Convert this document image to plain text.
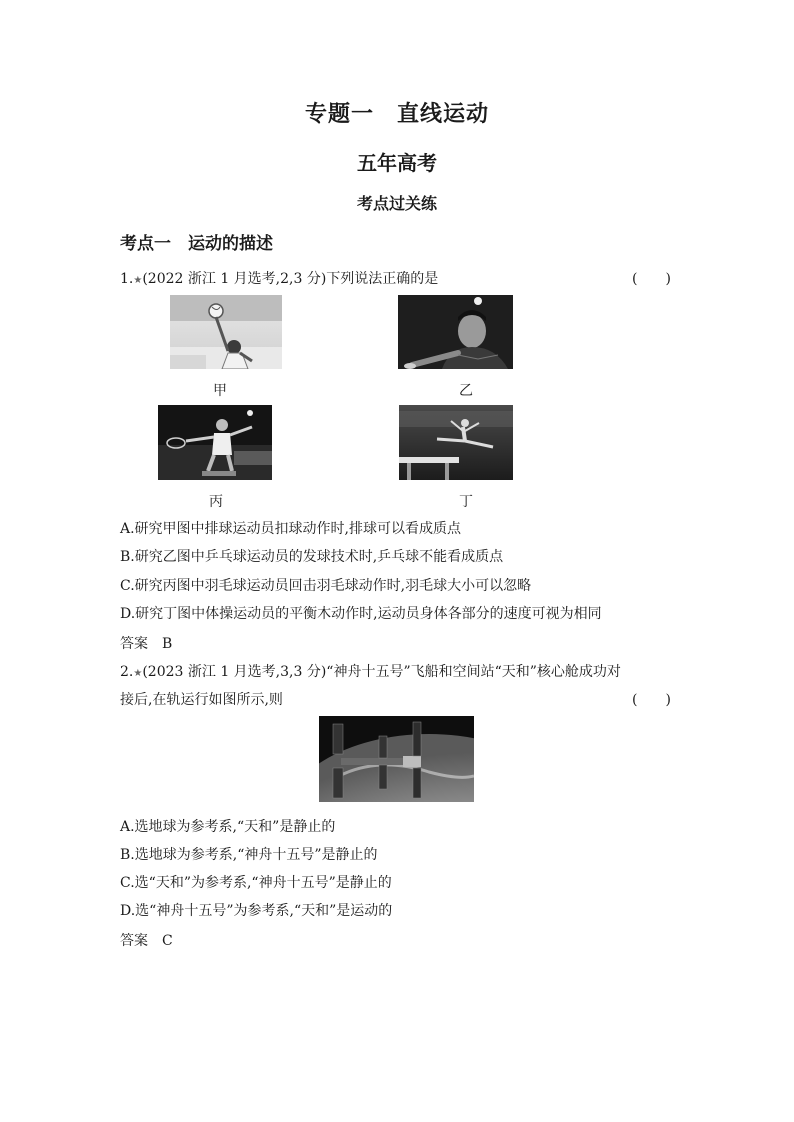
专题一　直线运动
五年高考
考点过关练
考点一　运动的描述
1.★(2022 浙江 1 月选考,2,3 分)下列说法正确的是	(　　)
甲	乙
丙	丁
A.研究甲图中排球运动员扣球动作时,排球可以看成质点
B.研究乙图中乒乓球运动员的发球技术时,乒乓球不能看成质点
C.研究丙图中羽毛球运动员回击羽毛球动作时,羽毛球大小可以忽略
D.研究丁图中体操运动员的平衡木动作时,运动员身体各部分的速度可视为相同
答案　B
2.★(2023 浙江 1 月选考,3,3 分)“神舟十五号”飞船和空间站“天和”核心舱成功对
接后,在轨运行如图所示,则	(　　)
A.选地球为参考系,“天和”是静止的
B.选地球为参考系,“神舟十五号”是静止的
C.选“天和”为参考系,“神舟十五号”是静止的
D.选“神舟十五号”为参考系,“天和”是运动的
答案　C
